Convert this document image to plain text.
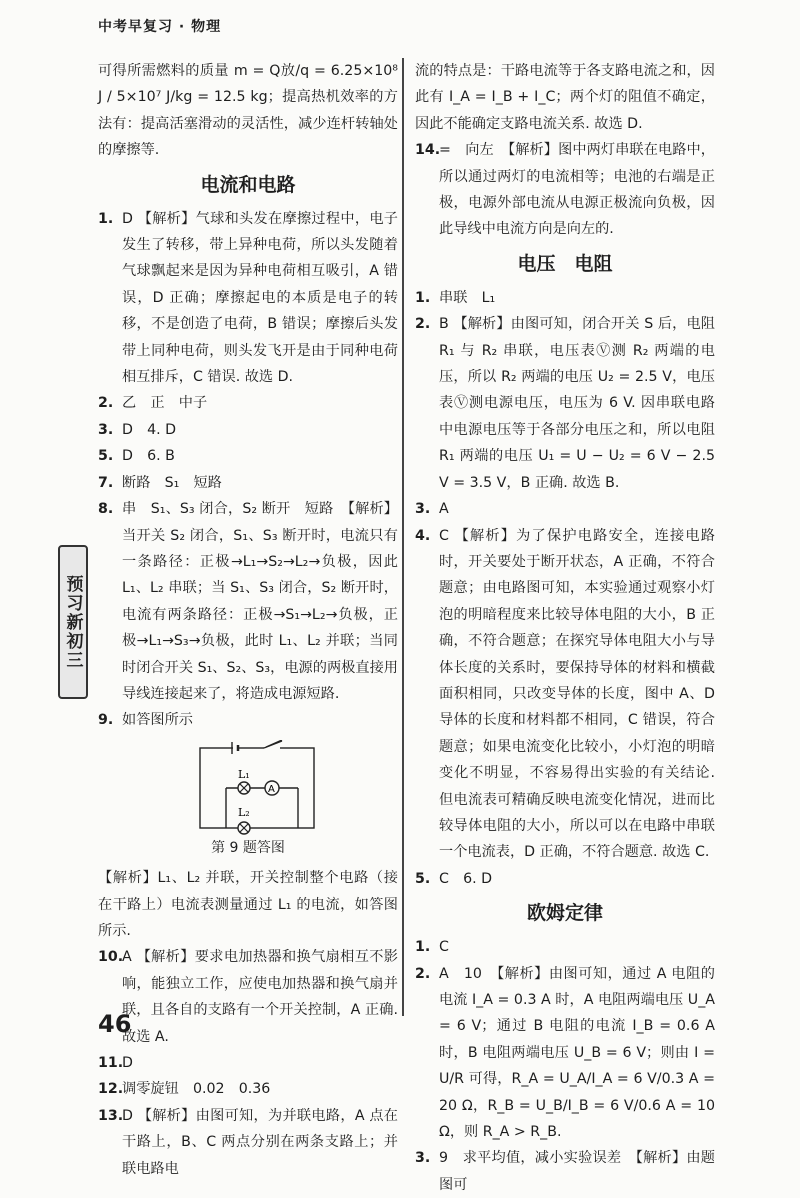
中考早复习 · 物理
预习新初三
可得所需燃料的质量 m = Q放/q = 6.25×10⁸ J / 5×10⁷ J/kg = 12.5 kg；提高热机效率的方法有：提高活塞滑动的灵活性，减少连杆转轴处的摩擦等.
电流和电路
1. D 【解析】气球和头发在摩擦过程中，电子发生了转移，带上异种电荷，所以头发随着气球飘起来是因为异种电荷相互吸引，A 错误，D 正确；摩擦起电的本质是电子的转移，不是创造了电荷，B 错误；摩擦后头发带上同种电荷，则头发飞开是由于同种电荷相互排斥，C 错误. 故选 D.
2. 乙　正　中子
3. D　4. D
5. D　6. B
7. 断路　S₁　短路
8. 串　S₁、S₃ 闭合，S₂ 断开　短路　【解析】当开关 S₂ 闭合，S₁、S₃ 断开时，电流只有一条路径：正极→L₁→S₂→L₂→负极，因此 L₁、L₂ 串联；当 S₁、S₃ 闭合，S₂ 断开时，电流有两条路径：正极→S₁→L₂→负极，正极→L₁→S₃→负极，此时 L₁、L₂ 并联；当同时闭合开关 S₁、S₂、S₃，电源的两极直接用导线连接起来了，将造成电源短路.
9. 如答图所示
L₁
A
L₂
第 9 题答图
【解析】L₁、L₂ 并联，开关控制整个电路（接在干路上）电流表测量通过 L₁ 的电流，如答图所示.
10.
A 【解析】要求电加热器和换气扇相互不影响，能独立工作，应使电加热器和换气扇并联，且各自的支路有一个开关控制，A 正确. 故选 A.
11.
D
12.
调零旋钮　0.02　0.36
13.
D 【解析】由图可知，为并联电路，A 点在干路上，B、C 两点分别在两条支路上；并联电路电
流的特点是：干路电流等于各支路电流之和，因此有 I_A = I_B + I_C；两个灯的阻值不确定，因此不能确定支路电流关系. 故选 D.
14.
=　向左　【解析】图中两灯串联在电路中，所以通过两灯的电流相等；电池的右端是正极，电源外部电流从电源正极流向负极，因此导线中电流方向是向左的.
电压　电阻
1. 串联　L₁
2. B 【解析】由图可知，闭合开关 S 后，电阻 R₁ 与 R₂ 串联，电压表Ⓥ测 R₂ 两端的电压，所以 R₂ 两端的电压 U₂ = 2.5 V，电压表Ⓥ测电源电压，电压为 6 V. 因串联电路中电源电压等于各部分电压之和，所以电阻 R₁ 两端的电压 U₁ = U − U₂ = 6 V − 2.5 V = 3.5 V，B 正确. 故选 B.
3. A
4. C 【解析】为了保护电路安全，连接电路时，开关要处于断开状态，A 正确，不符合题意；由电路图可知，本实验通过观察小灯泡的明暗程度来比较导体电阻的大小，B 正确，不符合题意；在探究导体电阻大小与导体长度的关系时，要保持导体的材料和横截面积相同，只改变导体的长度，图中 A、D 导体的长度和材料都不相同，C 错误，符合题意；如果电流变化比较小，小灯泡的明暗变化不明显，不容易得出实验的有关结论. 但电流表可精确反映电流变化情况，进而比较导体电阻的大小，所以可以在电路中串联一个电流表，D 正确，不符合题意. 故选 C.
5. C　6. D
欧姆定律
1. C
2. A　10　【解析】由图可知，通过 A 电阻的电流 I_A = 0.3 A 时，A 电阻两端电压 U_A = 6 V；通过 B 电阻的电流 I_B = 0.6 A 时，B 电阻两端电压 U_B = 6 V；则由 I = U/R 可得，R_A = U_A/I_A = 6 V/0.3 A = 20 Ω，R_B = U_B/I_B = 6 V/0.6 A = 10 Ω，则 R_A > R_B.
3. 9　求平均值，减小实验误差　【解析】由题图可
46
